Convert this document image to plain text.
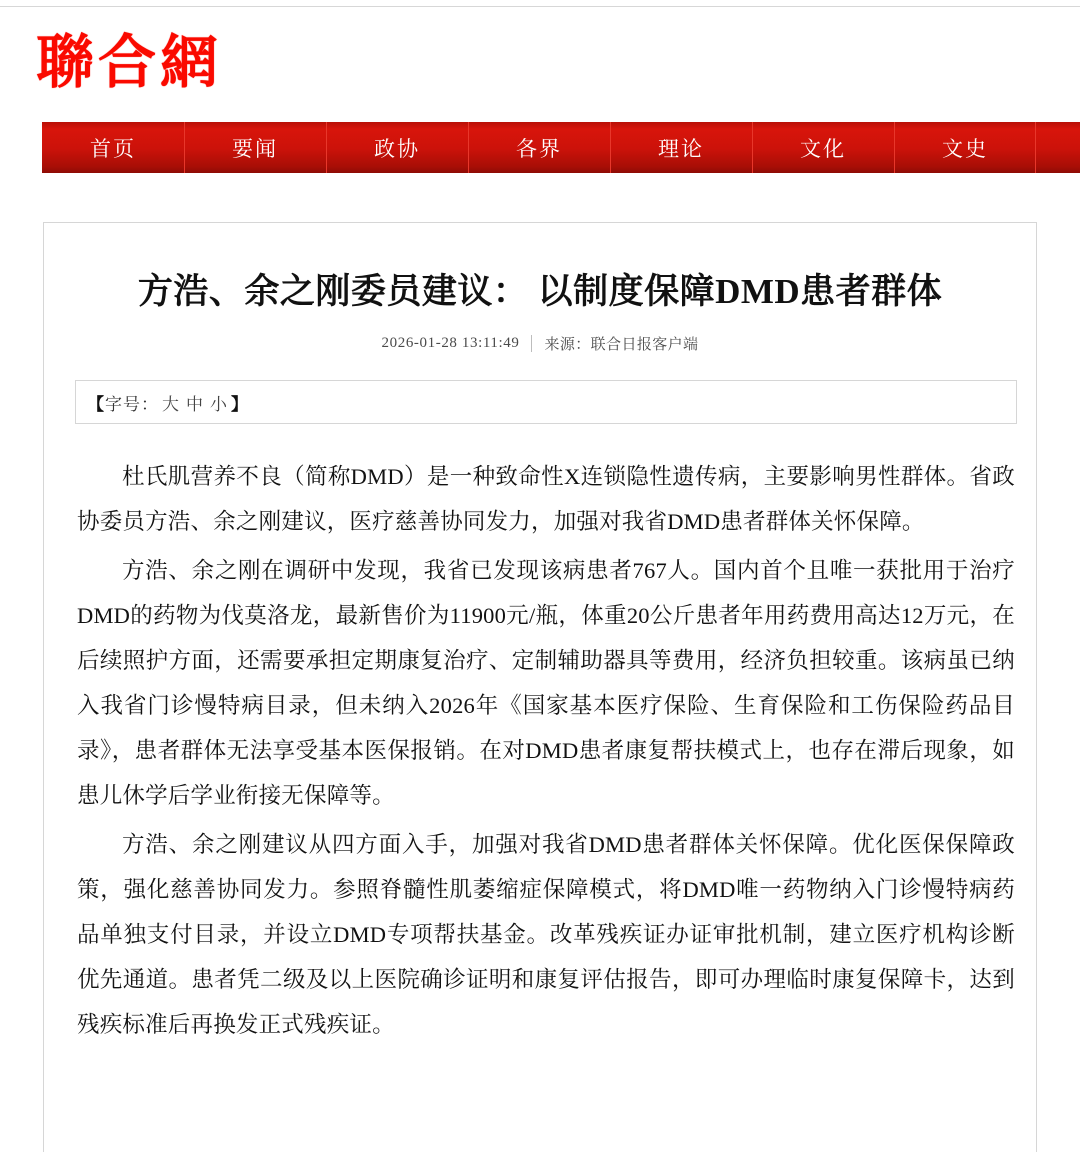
聯合網
首页	要闻	政协	各界	理论	文化	文史
方浩、余之刚委员建议： 以制度保障DMD患者群体
2026-01-28 13:11:49 来源：联合日报客户端
【 字号： 大 中 小 】

杜氏肌营养不良（简称DMD）是一种致命性X连锁隐性遗传病，主要影响男性群体。省政协委员方浩、余之刚建议，医疗慈善协同发力，加强对我省DMD患者群体关怀保障。

方浩、余之刚在调研中发现，我省已发现该病患者767人。国内首个且唯一获批用于治疗DMD的药物为伐莫洛龙，最新售价为11900元/瓶，体重20公斤患者年用药费用高达12万元，在后续照护方面，还需要承担定期康复治疗、定制辅助器具等费用，经济负担较重。该病虽已纳入我省门诊慢特病目录，但未纳入2026年《国家基本医疗保险、生育保险和工伤保险药品目录》，患者群体无法享受基本医保报销。在对DMD患者康复帮扶模式上，也存在滞后现象，如患儿休学后学业衔接无保障等。

方浩、余之刚建议从四方面入手，加强对我省DMD患者群体关怀保障。优化医保保障政策，强化慈善协同发力。参照脊髓性肌萎缩症保障模式，将DMD唯一药物纳入门诊慢特病药品单独支付目录，并设立DMD专项帮扶基金。改革残疾证办证审批机制，建立医疗机构诊断优先通道。患者凭二级及以上医院确诊证明和康复评估报告，即可办理临时康复保障卡，达到残疾标准后再换发正式残疾证。
